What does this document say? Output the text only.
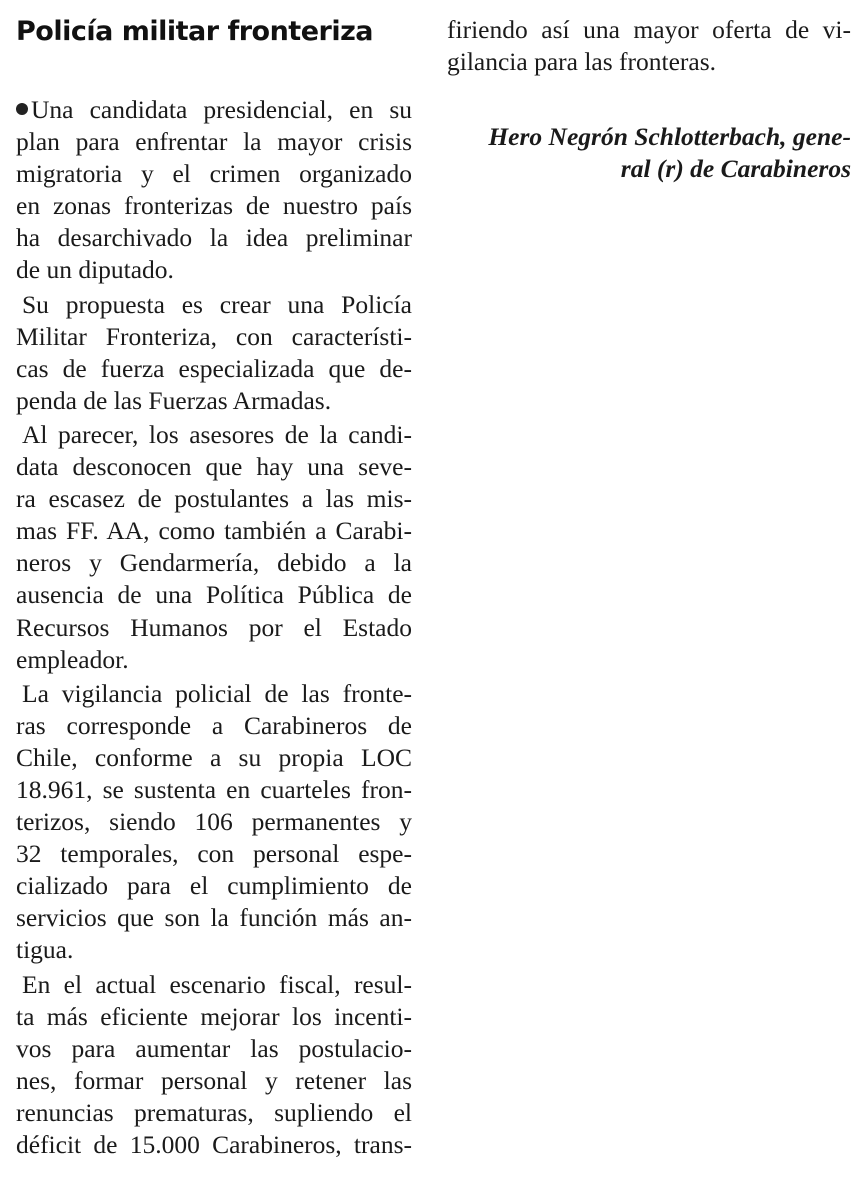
Policía militar fronteriza
Una candidata presidencial, en su
plan para enfrentar la mayor crisis
migratoria y el crimen organizado
en zonas fronterizas de nuestro país
ha desarchivado la idea preliminar
de un diputado.
Su propuesta es crear una Policía
Militar Fronteriza, con característi-
cas de fuerza especializada que de-
penda de las Fuerzas Armadas.
Al parecer, los asesores de la candi-
data desconocen que hay una seve-
ra escasez de postulantes a las mis-
mas FF. AA, como también a Carabi-
neros y Gendarmería, debido a la
ausencia de una Política Pública de
Recursos Humanos por el Estado
empleador.
La vigilancia policial de las fronte-
ras corresponde a Carabineros de
Chile, conforme a su propia LOC
18.961, se sustenta en cuarteles fron-
terizos, siendo 106 permanentes y
32 temporales, con personal espe-
cializado para el cumplimiento de
servicios que son la función más an-
tigua.
En el actual escenario fiscal, resul-
ta más eficiente mejorar los incenti-
vos para aumentar las postulacio-
nes, formar personal y retener las
renuncias prematuras, supliendo el
déficit de 15.000 Carabineros, trans-
firiendo así una mayor oferta de vi-
gilancia para las fronteras.
Hero Negrón Schlotterbach, gene-
ral (r) de Carabineros
